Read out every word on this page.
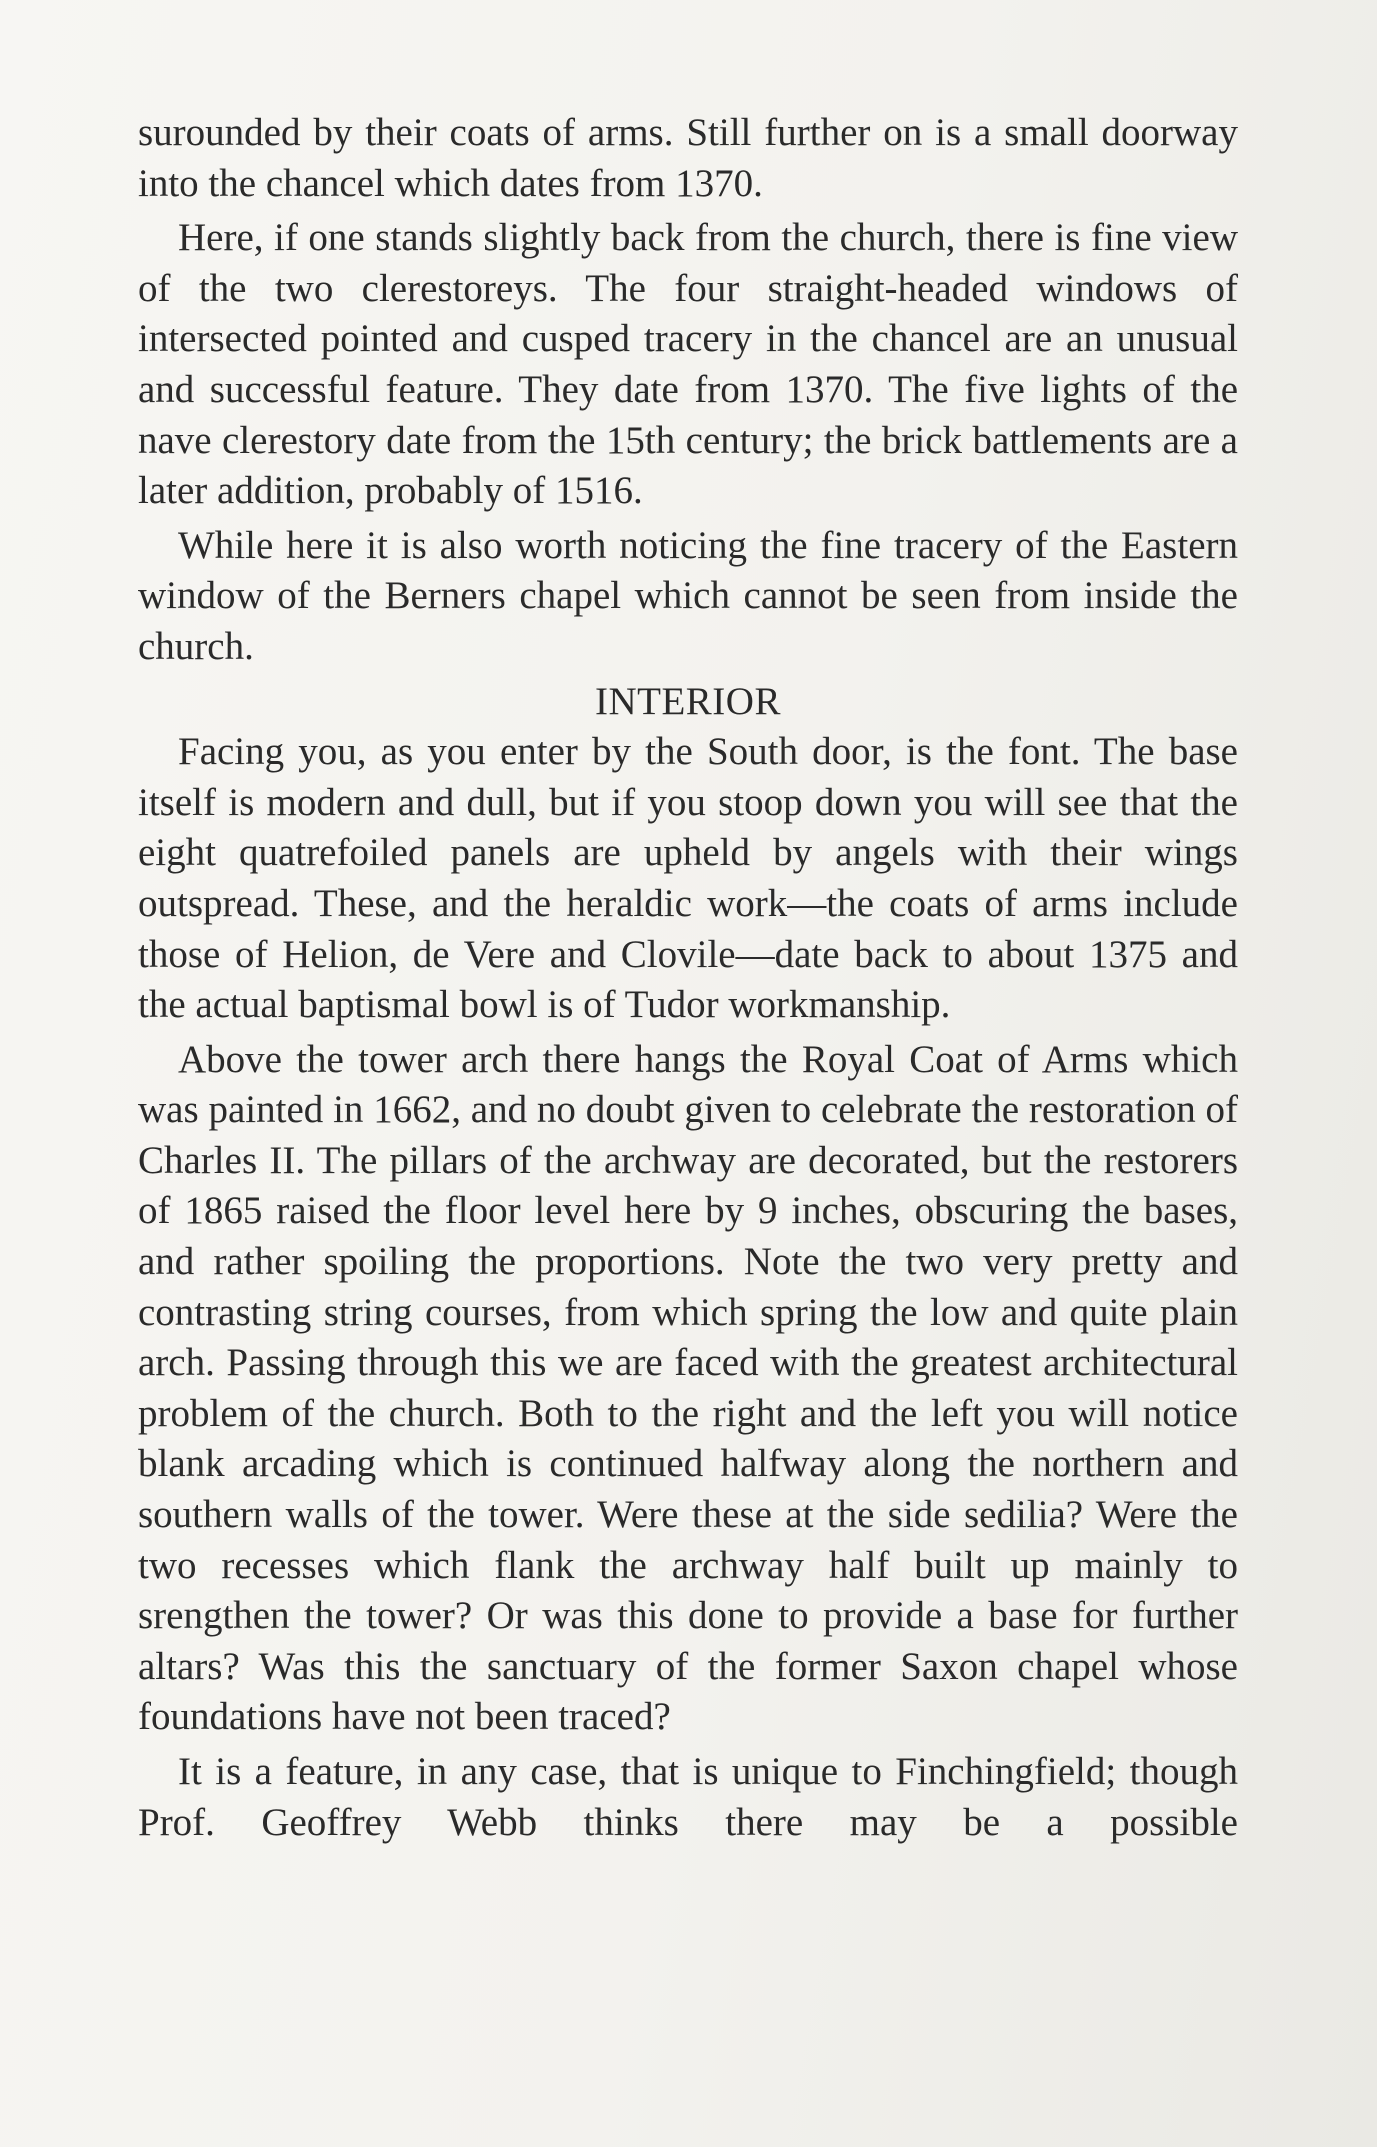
surounded by their coats of arms. Still further on is a small doorway into the chancel which dates from 1370.

Here, if one stands slightly back from the church, there is fine view of the two clerestoreys. The four straight-headed windows of intersected pointed and cusped tracery in the chancel are an unusual and successful feature. They date from 1370. The five lights of the nave clerestory date from the 15th century; the brick battlements are a later addition, probably of 1516.

While here it is also worth noticing the fine tracery of the Eastern window of the Berners chapel which cannot be seen from inside the church.

INTERIOR

Facing you, as you enter by the South door, is the font. The base itself is modern and dull, but if you stoop down you will see that the eight quatrefoiled panels are upheld by angels with their wings outspread. These, and the heraldic work—the coats of arms include those of Helion, de Vere and Clovile—date back to about 1375 and the actual baptismal bowl is of Tudor workmanship.

Above the tower arch there hangs the Royal Coat of Arms which was painted in 1662, and no doubt given to celebrate the restoration of Charles II. The pillars of the archway are decorated, but the restorers of 1865 raised the floor level here by 9 inches, obscuring the bases, and rather spoiling the proportions. Note the two very pretty and contrasting string courses, from which spring the low and quite plain arch. Passing through this we are faced with the greatest architectural problem of the church. Both to the right and the left you will notice blank arcading which is continued halfway along the northern and southern walls of the tower. Were these at the side sedilia? Were the two recesses which flank the archway half built up mainly to srengthen the tower? Or was this done to provide a base for further altars? Was this the sanctuary of the former Saxon chapel whose foundations have not been traced?

It is a feature, in any case, that is unique to Finchingfield; though Prof. Geoffrey Webb thinks there may be a possible
